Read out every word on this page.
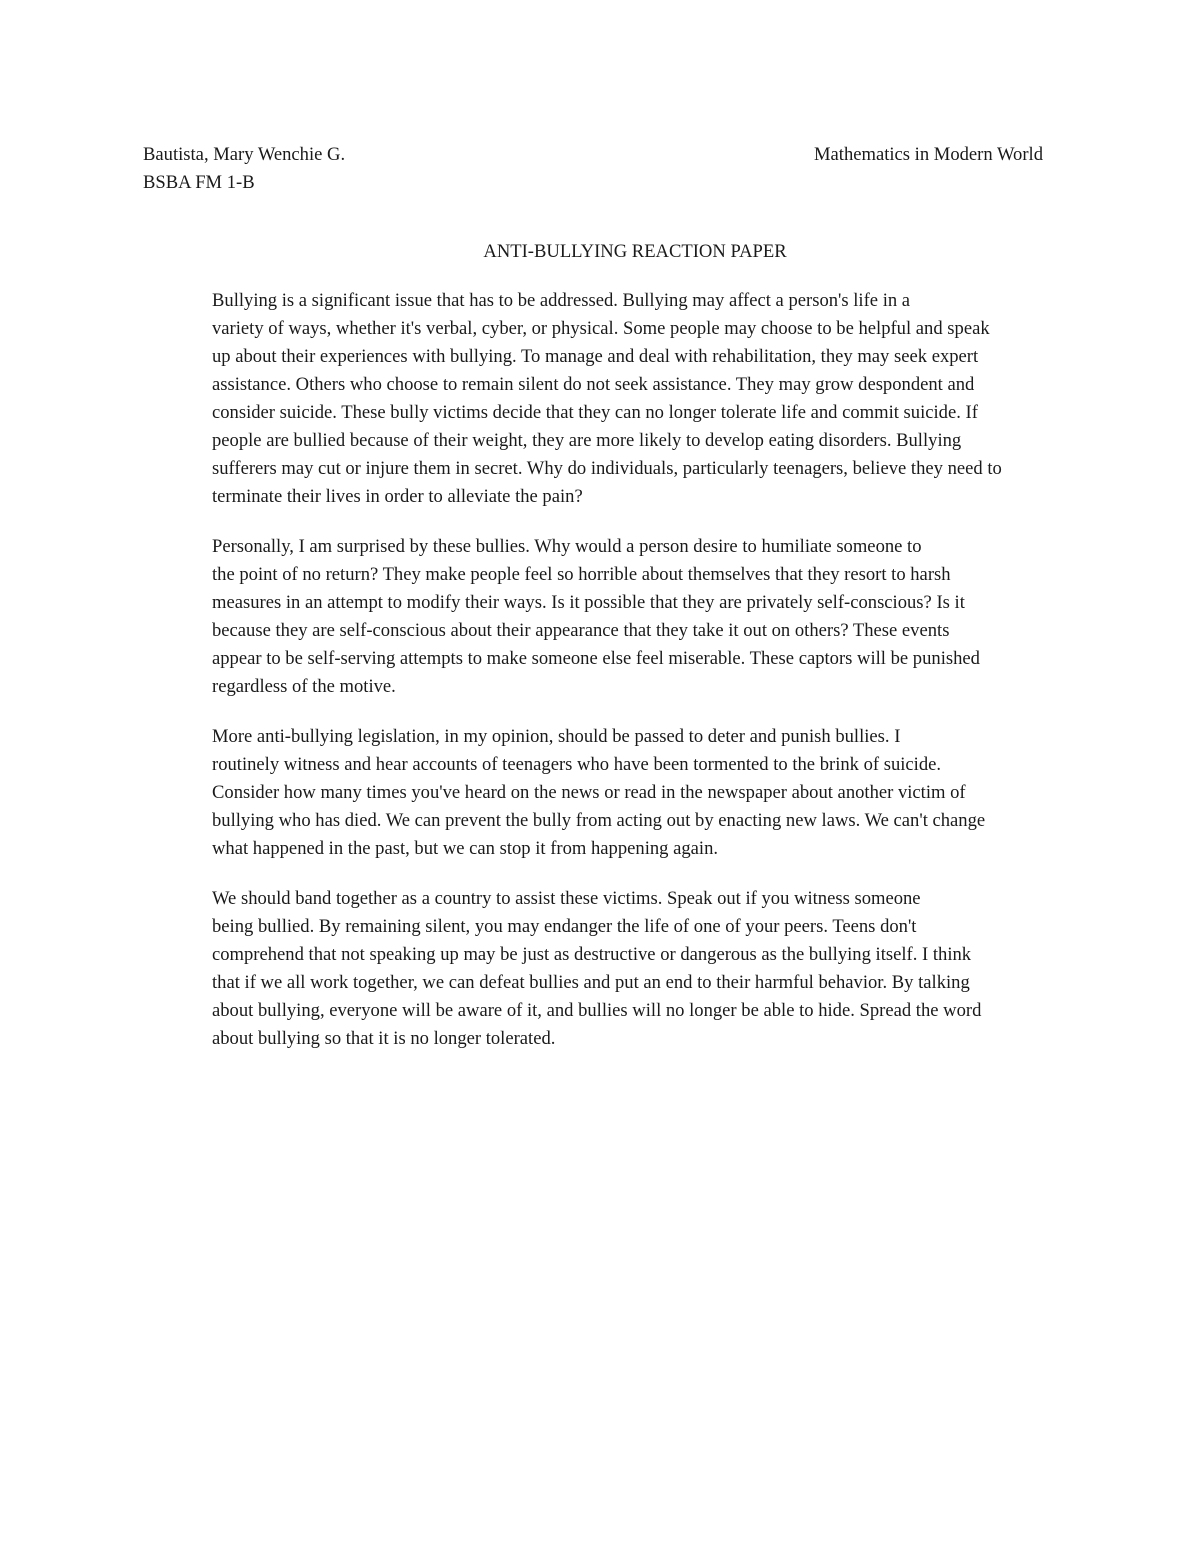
Bautista, Mary Wenchie G.	Mathematics in Modern World
BSBA FM 1-B
ANTI-BULLYING REACTION PAPER

Bullying is a significant issue that has to be addressed. Bullying may affect a person's life in a
variety of ways, whether it's verbal, cyber, or physical. Some people may choose to be helpful and speak
up about their experiences with bullying. To manage and deal with rehabilitation, they may seek expert
assistance. Others who choose to remain silent do not seek assistance. They may grow despondent and
consider suicide. These bully victims decide that they can no longer tolerate life and commit suicide. If
people are bullied because of their weight, they are more likely to develop eating disorders. Bullying
sufferers may cut or injure them in secret. Why do individuals, particularly teenagers, believe they need to
terminate their lives in order to alleviate the pain?

Personally, I am surprised by these bullies. Why would a person desire to humiliate someone to
the point of no return? They make people feel so horrible about themselves that they resort to harsh
measures in an attempt to modify their ways. Is it possible that they are privately self-conscious? Is it
because they are self-conscious about their appearance that they take it out on others? These events
appear to be self-serving attempts to make someone else feel miserable. These captors will be punished
regardless of the motive.

More anti-bullying legislation, in my opinion, should be passed to deter and punish bullies. I
routinely witness and hear accounts of teenagers who have been tormented to the brink of suicide.
Consider how many times you've heard on the news or read in the newspaper about another victim of
bullying who has died. We can prevent the bully from acting out by enacting new laws. We can't change
what happened in the past, but we can stop it from happening again.

We should band together as a country to assist these victims. Speak out if you witness someone
being bullied. By remaining silent, you may endanger the life of one of your peers. Teens don't
comprehend that not speaking up may be just as destructive or dangerous as the bullying itself. I think
that if we all work together, we can defeat bullies and put an end to their harmful behavior. By talking
about bullying, everyone will be aware of it, and bullies will no longer be able to hide. Spread the word
about bullying so that it is no longer tolerated.
